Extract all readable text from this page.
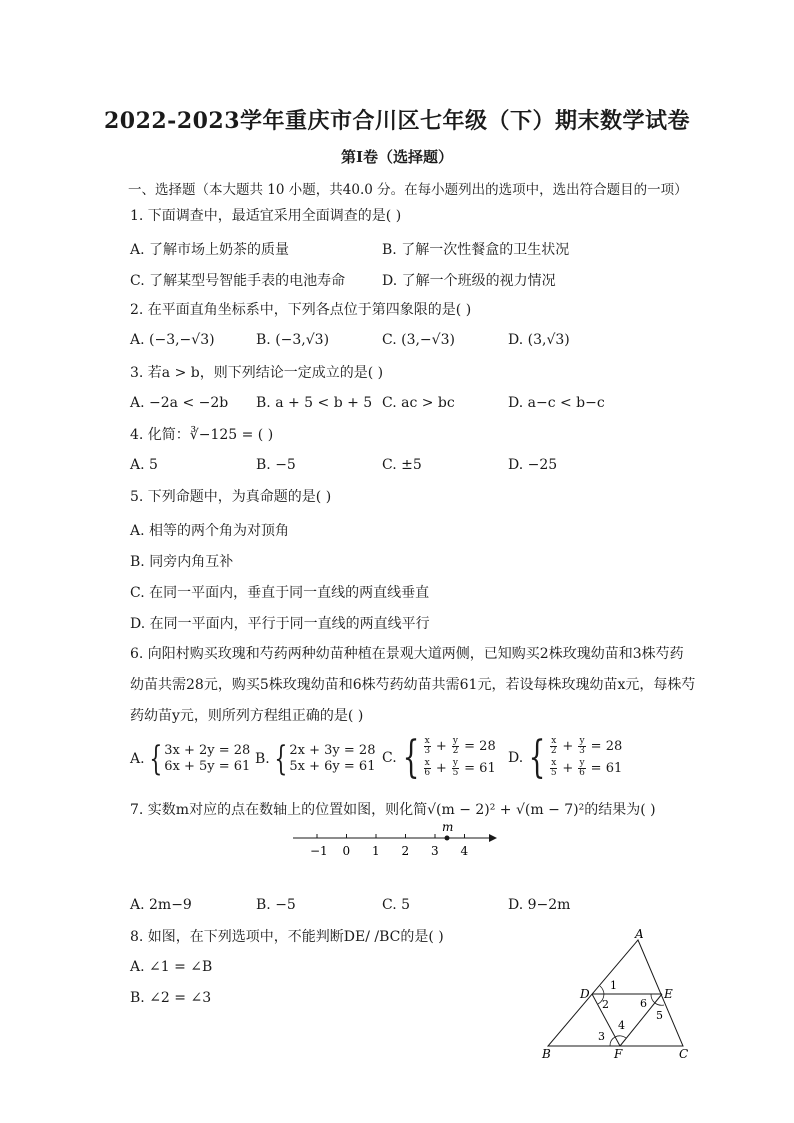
2022-2023学年重庆市合川区七年级（下）期末数学试卷
第Ⅰ卷（选择题）
一、选择题（本大题共 10 小题，共40.0 分。在每小题列出的选项中，选出符合题目的一项）
1. 下面调查中，最适宜采用全面调查的是( )
A. 了解市场上奶茶的质量	B. 了解一次性餐盒的卫生状况
C. 了解某型号智能手表的电池寿命	D. 了解一个班级的视力情况
2. 在平面直角坐标系中，下列各点位于第四象限的是( )
A. (−3,−√3)	B. (−3,√3)	C. (3,−√3)	D. (3,√3)
3. 若a > b，则下列结论一定成立的是( )
A. −2a < −2b B. a + 5 < b + 5 C. ac > bc	D. a−c < b−c
4. 化简：∛−125 = ( )
A. 5	B. −5	C. ±5	D. −25
5. 下列命题中，为真命题的是( )
A. 相等的两个角为对顶角
B. 同旁内角互补
C. 在同一平面内，垂直于同一直线的两直线垂直
D. 在同一平面内，平行于同一直线的两直线平行
6. 向阳村购买玫瑰和芍药两种幼苗种植在景观大道两侧，已知购买2株玫瑰幼苗和3株芍药
幼苗共需28元，购买5株玫瑰幼苗和6株芍药幼苗共需61元，若设每株玫瑰幼苗x元，每株芍
药幼苗y元，则所列方程组正确的是( )
A. { 3x + 2y = 28
6x + 5y = 61 B. { 2x + 3y = 28
5x + 6y = 61
C. { $\frac{x}{3} + \frac{y}{2} = 28$
$\frac{x}{6} + \frac{y}{5} = 61$
D. { $\frac{x}{2} + \frac{y}{3} = 28$
$\frac{x}{5} + \frac{y}{6} = 61$
7. 实数m对应的点在数轴上的位置如图，则化简√(m − 2)² + √(m − 7)²的结果为( )
−1 0 1 2 3 4
m
A. 2m−9	B. −5	C. 5	D. 9−2m
8. 如图，在下列选项中，不能判断DE/ /BC的是( )
A. ∠1 = ∠B
B. ∠2 = ∠3
A
B	C
D	E
F
1
2
3
4
5
6
